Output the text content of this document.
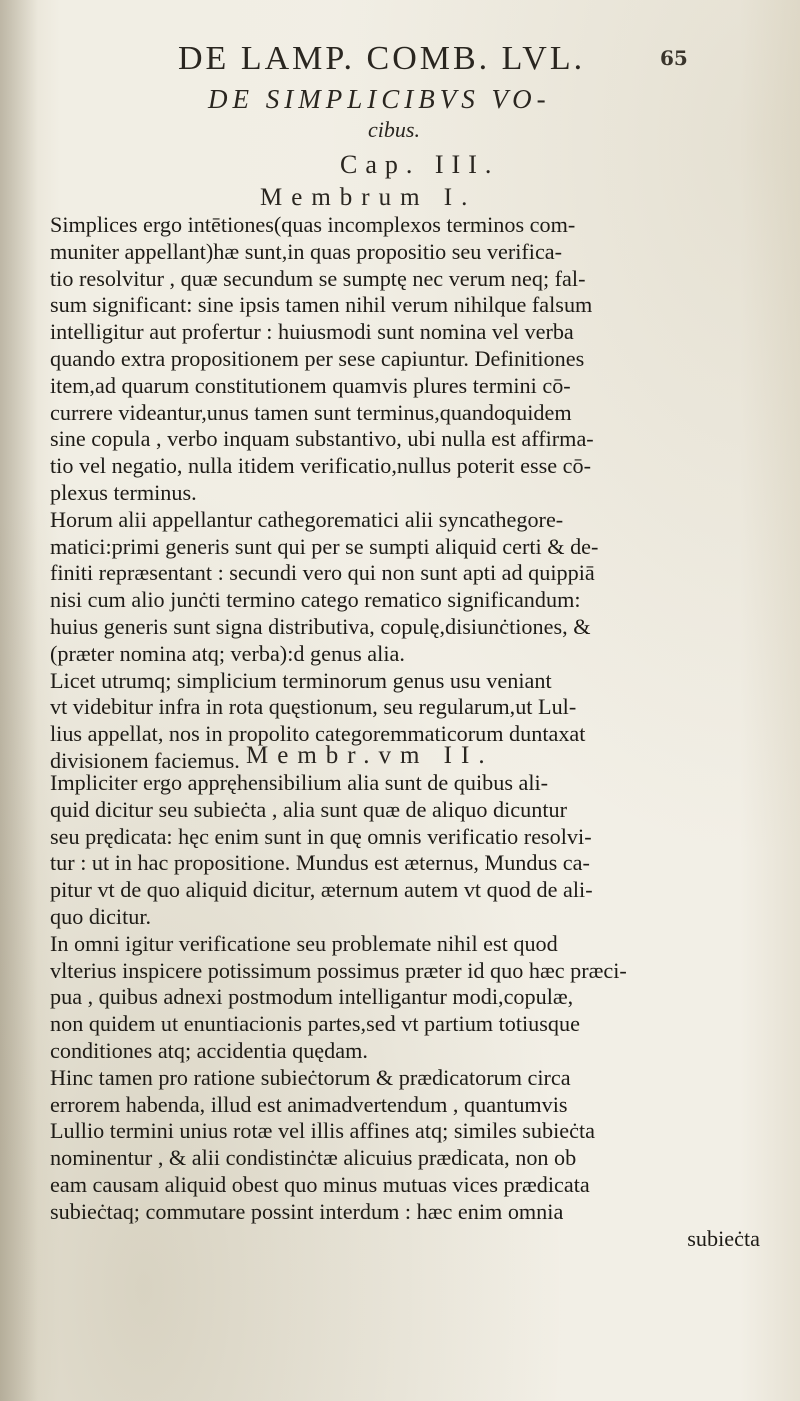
DE LAMP. COMB. LVL.	65
DE SIMPLICIBVS VO-
cibus.
Cap. III.
Membrum I.
Simplices ergo intētiones(quas incomplexos terminos com-
muniter appellant)hæ sunt,in quas propositio seu verifica-
tio resolvitur , quæ secundum se sumptę nec verum neq; fal-
sum significant: sine ipsis tamen nihil verum nihilque falsum
intelligitur aut profertur : huiusmodi sunt nomina vel verba
quando extra propositionem per sese capiuntur. Definitiones
item,ad quarum constitutionem quamvis plures termini cō-
currere videantur,unus tamen sunt terminus,quandoquidem
sine copula , verbo inquam substantivo, ubi nulla est affirma-
tio vel negatio, nulla itidem verificatio,nullus poterit esse cō-
plexus terminus.
Horum alii appellantur cathegorematici alii syncathegore-
matici:primi generis sunt qui per se sumpti aliquid certi & de-
finiti repræsentant : secundi vero qui non sunt apti ad quippiā
nisi cum alio junċti termino catego rematico significandum:
huius generis sunt signa distributiva, copulę,disiunċtiones, &
(præter nomina atq; verba):d genus alia.
Licet utrumq; simplicium terminorum genus usu veniant
vt videbitur infra in rota quęstionum, seu regularum,ut Lul-
lius appellat, nos in propolito categoremmaticorum duntaxat
divisionem faciemus. Membr.vm II.
Impliciter ergo appręhensibilium alia sunt de quibus ali-
quid dicitur seu subieċta , alia sunt quæ de aliquo dicuntur
seu prędicata: hęc enim sunt in quę omnis verificatio resolvi-
tur : ut in hac propositione. Mundus est æternus, Mundus ca-
pitur vt de quo aliquid dicitur, æternum autem vt quod de ali-
quo dicitur.
In omni igitur verificatione seu problemate nihil est quod
vlterius inspicere potissimum possimus præter id quo hæc præci-
pua , quibus adnexi postmodum intelligantur modi,copulæ,
non quidem ut enuntiacionis partes,sed vt partium totiusque
conditiones atq; accidentia quędam.
Hinc tamen pro ratione subieċtorum & prædicatorum circa
errorem habenda, illud est animadvertendum , quantumvis
Lullio termini unius rotæ vel illis affines atq; similes subieċta
nominentur , & alii condistinċtæ alicuius prædicata, non ob
eam causam aliquid obest quo minus mutuas vices prædicata
subieċtaq; commutare possint interdum : hæc enim omnia
subieċta
